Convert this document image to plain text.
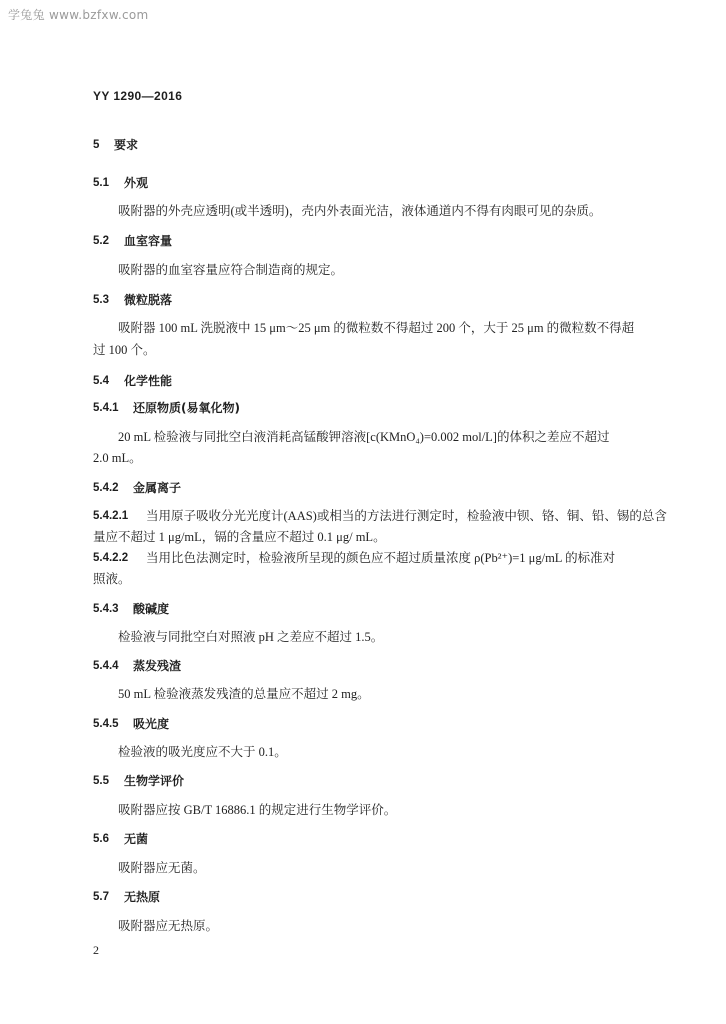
学兔兔 www.bzfxw.com
YY 1290—2016
5 要求
5.1 外观
吸附器的外壳应透明(或半透明)，壳内外表面光洁，液体通道内不得有肉眼可见的杂质。
5.2 血室容量
吸附器的血室容量应符合制造商的规定。
5.3 微粒脱落
吸附器 100 mL 洗脱液中 15 μm～25 μm 的微粒数不得超过 200 个，大于 25 μm 的微粒数不得超
过 100 个。
5.4 化学性能
5.4.1 还原物质(易氧化物)
20 mL 检验液与同批空白液消耗高锰酸钾溶液[c(KMnO₄)=0.002 mol/L]的体积之差应不超过
2.0 mL。
5.4.2 金属离子
5.4.2.1 当用原子吸收分光光度计(AAS)或相当的方法进行测定时，检验液中钡、铬、铜、铅、锡的总含
量应不超过 1 μg/mL，镉的含量应不超过 0.1 μg/ mL。
5.4.2.2 当用比色法测定时，检验液所呈现的颜色应不超过质量浓度 ρ(Pb²⁺)=1 μg/mL 的标准对
照液。
5.4.3 酸碱度
检验液与同批空白对照液 pH 之差应不超过 1.5。
5.4.4 蒸发残渣
50 mL 检验液蒸发残渣的总量应不超过 2 mg。
5.4.5 吸光度
检验液的吸光度应不大于 0.1。
5.5 生物学评价
吸附器应按 GB/T 16886.1 的规定进行生物学评价。
5.6 无菌
吸附器应无菌。
5.7 无热原
吸附器应无热原。
2
